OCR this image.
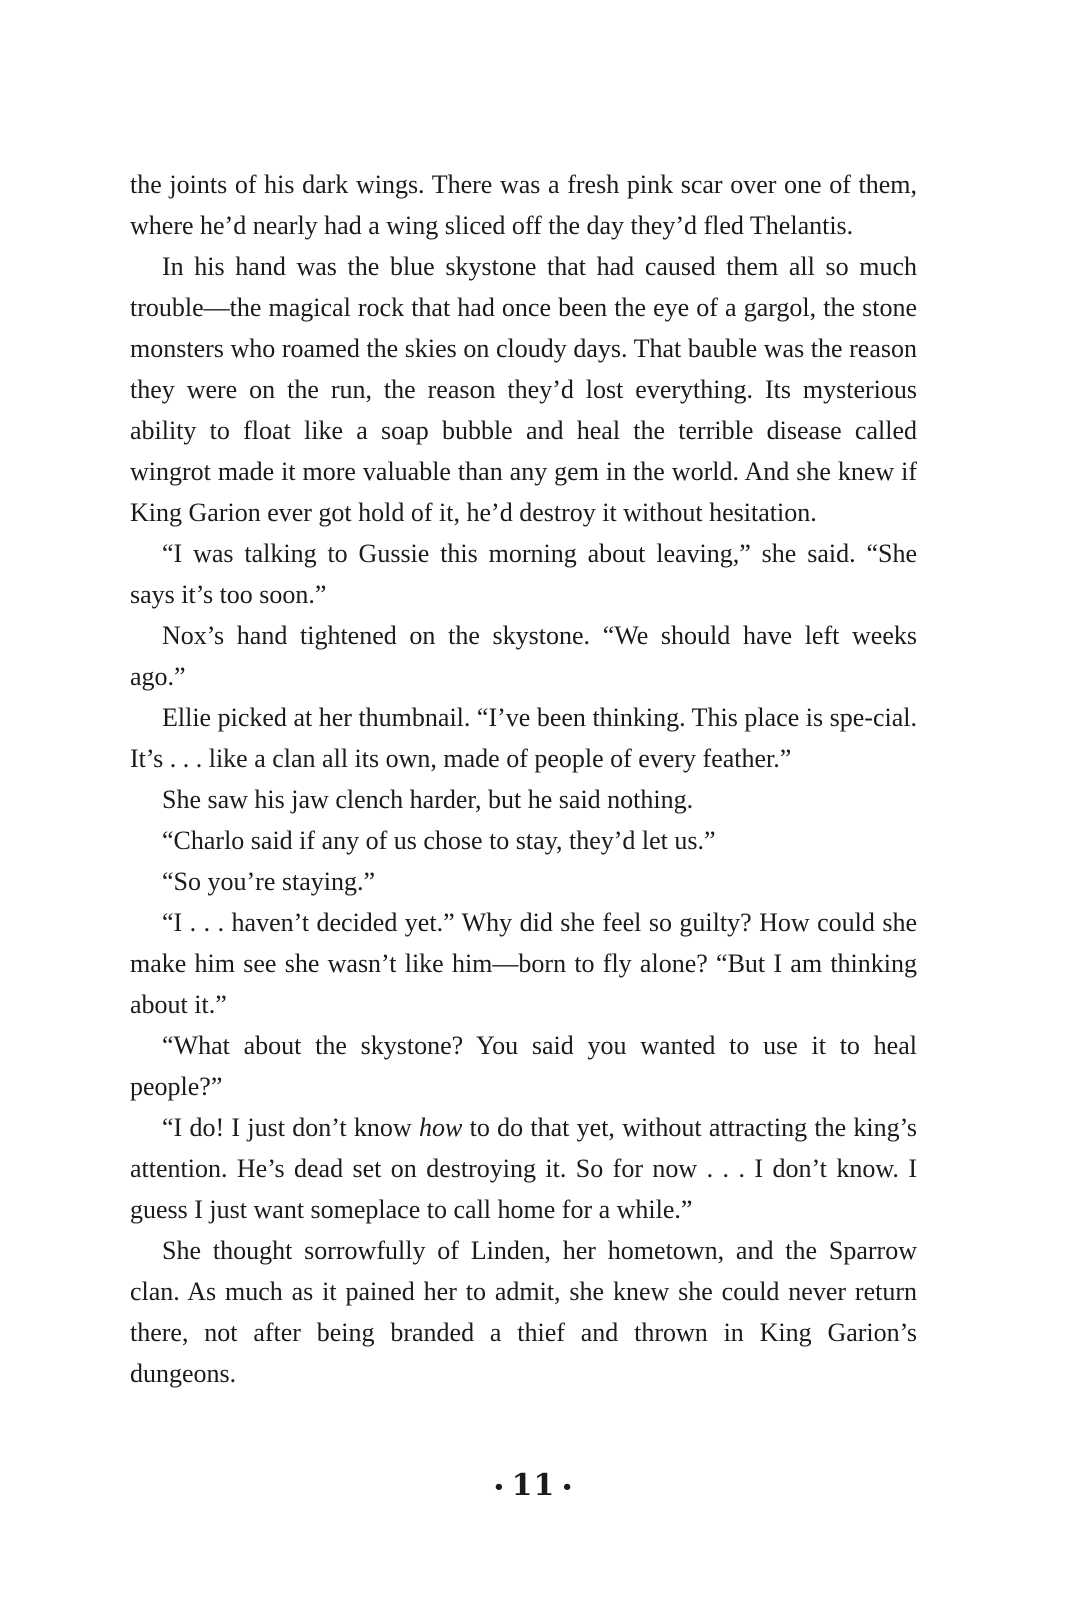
the joints of his dark wings. There was a fresh pink scar over one of them, where he’d nearly had a wing sliced off the day they’d fled Thelantis.

In his hand was the blue skystone that had caused them all so much trouble—the magical rock that had once been the eye of a gargol, the stone monsters who roamed the skies on cloudy days. That bauble was the reason they were on the run, the reason they’d lost everything. Its mysterious ability to float like a soap bubble and heal the terrible disease called wingrot made it more valuable than any gem in the world. And she knew if King Garion ever got hold of it, he’d destroy it without hesitation.

“I was talking to Gussie this morning about leaving,” she said. “She says it’s too soon.”

Nox’s hand tightened on the skystone. “We should have left weeks ago.”

Ellie picked at her thumbnail. “I’ve been thinking. This place is spe-cial. It’s . . . like a clan all its own, made of people of every feather.”

She saw his jaw clench harder, but he said nothing.

“Charlo said if any of us chose to stay, they’d let us.”

“So you’re staying.”

“I . . . haven’t decided yet.” Why did she feel so guilty? How could she make him see she wasn’t like him—born to fly alone? “But I am thinking about it.”

“What about the skystone? You said you wanted to use it to heal people?”

“I do! I just don’t know how to do that yet, without attracting the king’s attention. He’s dead set on destroying it. So for now . . . I don’t know. I guess I just want someplace to call home for a while.”

She thought sorrowfully of Linden, her hometown, and the Sparrow clan. As much as it pained her to admit, she knew she could never return there, not after being branded a thief and thrown in King Garion’s dungeons.

• 11 •
